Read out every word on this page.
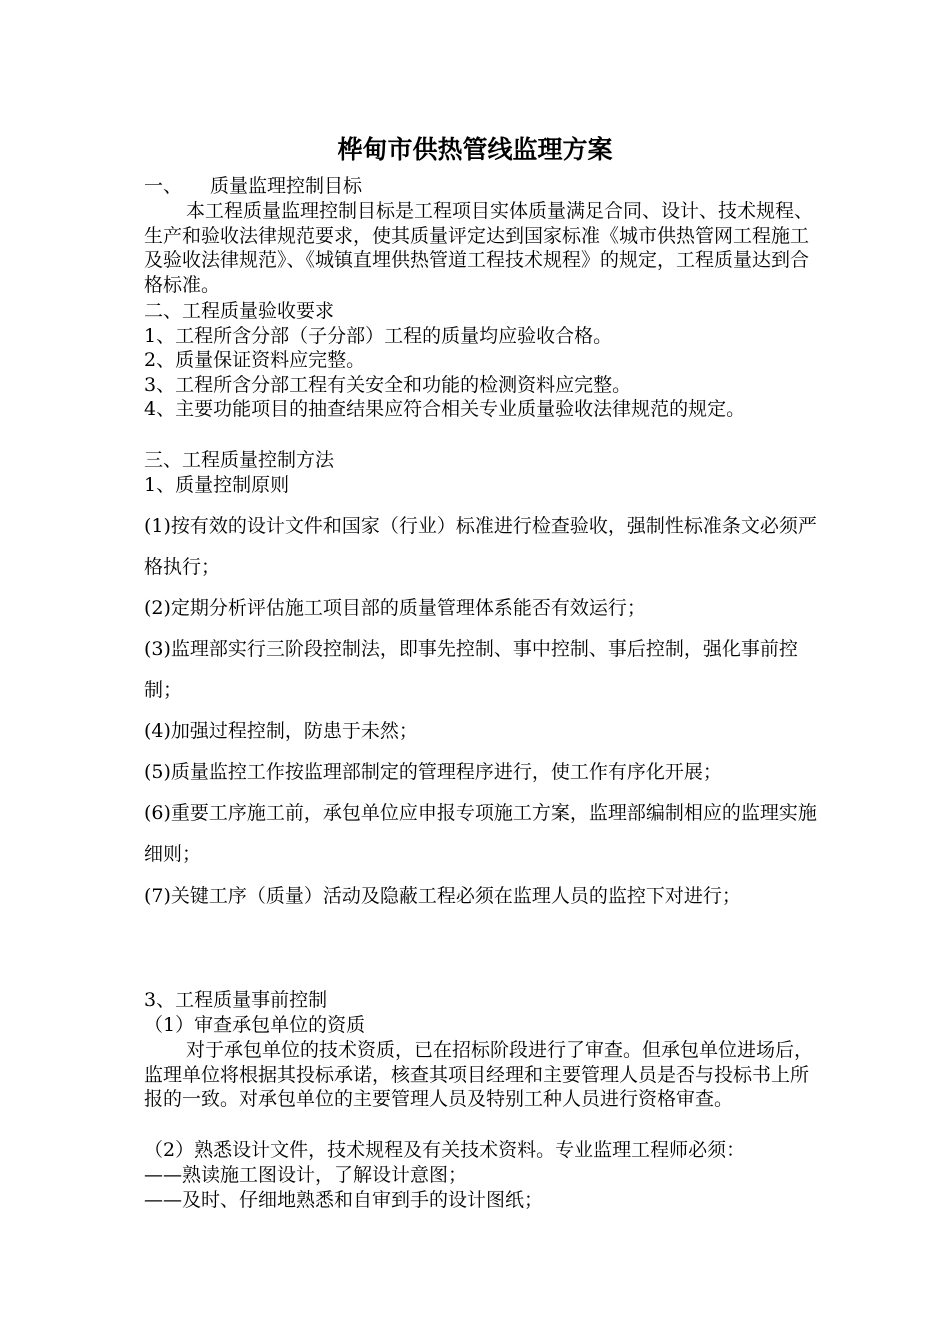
桦甸市供热管线监理方案
一、 质量监理控制目标

本工程质量监理控制目标是工程项目实体质量满足合同、设计、技术规程、生产和验收法律规范要求，使其质量评定达到国家标准《城市供热管网工程施工及验收法律规范》、《城镇直埋供热管道工程技术规程》的规定，工程质量达到合格标准。

二、工程质量验收要求
1、工程所含分部（子分部）工程的质量均应验收合格。
2、质量保证资料应完整。
3、工程所含分部工程有关安全和功能的检测资料应完整。

4、主要功能项目的抽查结果应符合相关专业质量验收法律规范的规定。

三、工程质量控制方法
1、质量控制原则

(1)按有效的设计文件和国家（行业）标准进行检查验收，强制性标准条文必须严格执行；

(2)定期分析评估施工项目部的质量管理体系能否有效运行；

(3)监理部实行三阶段控制法，即事先控制、事中控制、事后控制，强化事前控制；

(4)加强过程控制，防患于未然；

(5)质量监控工作按监理部制定的管理程序进行，使工作有序化开展；

(6)重要工序施工前，承包单位应申报专项施工方案，监理部编制相应的监理实施细则；

(7)关键工序（质量）活动及隐蔽工程必须在监理人员的监控下对进行；

3、工程质量事前控制
（1）审查承包单位的资质

对于承包单位的技术资质，已在招标阶段进行了审查。但承包单位进场后，监理单位将根据其投标承诺，核查其项目经理和主要管理人员是否与投标书上所报的一致。对承包单位的主要管理人员及特别工种人员进行资格审查。

（2）熟悉设计文件，技术规程及有关技术资料。专业监理工程师必须：
——熟读施工图设计，了解设计意图；
——及时、仔细地熟悉和自审到手的设计图纸；
